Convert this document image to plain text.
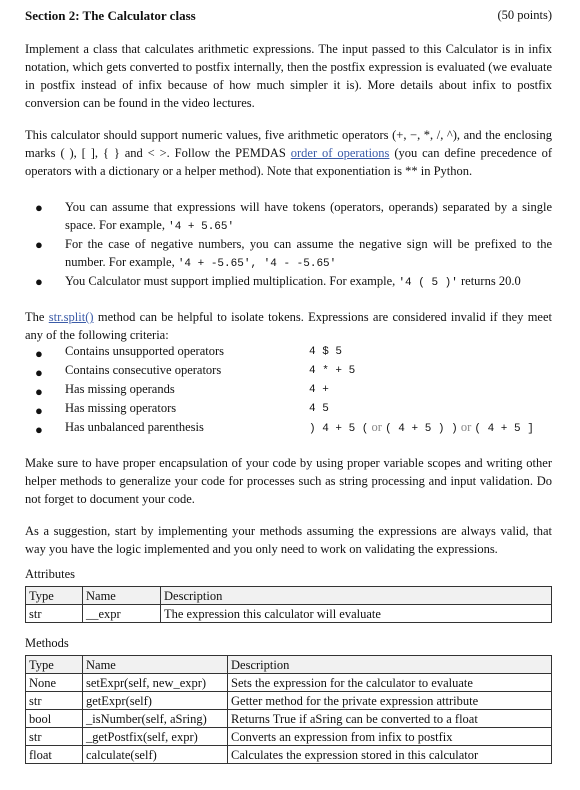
Section 2: The Calculator class	(50 points)
Implement a class that calculates arithmetic expressions. The input passed to this Calculator is in infix notation, which gets converted to postfix internally, then the postfix expression is evaluated (we evaluate in postfix instead of infix because of how much simpler it is). More details about infix to postfix conversion can be found in the video lectures.
This calculator should support numeric values, five arithmetic operators (+, −, *, /, ^), and the enclosing marks ( ), [ ], { } and < >. Follow the PEMDAS order of operations (you can define precedence of operators with a dictionary or a helper method). Note that exponentiation is ** in Python.
● You can assume that expressions will have tokens (operators, operands) separated by a single space. For example, '4 + 5.65'
● For the case of negative numbers, you can assume the negative sign will be prefixed to the number. For example, '4 + -5.65', '4 - -5.65'
● You Calculator must support implied multiplication. For example, '4 ( 5 )' returns 20.0
The str.split() method can be helpful to isolate tokens. Expressions are considered invalid if they meet any of the following criteria:
● Contains unsupported operators	4 $ 5
● Contains consecutive operators	4 * + 5
● Has missing operands	4 +
● Has missing operators	4 5
● Has unbalanced parenthesis	) 4 + 5 ( or ( 4 + 5 ) ) or ( 4 + 5 ]
Make sure to have proper encapsulation of your code by using proper variable scopes and writing other helper methods to generalize your code for processes such as string processing and input validation. Do not forget to document your code.
As a suggestion, start by implementing your methods assuming the expressions are always valid, that way you have the logic implemented and you only need to work on validating the expressions.
Attributes
Type	Name	Description
str	__expr	The expression this calculator will evaluate
Methods
Type	Name	Description
None	setExpr(self, new_expr)	Sets the expression for the calculator to evaluate
str	getExpr(self)	Getter method for the private expression attribute
bool	_isNumber(self, aSring)	Returns True if aSring can be converted to a float
str	_getPostfix(self, expr)	Converts an expression from infix to postfix
float	calculate(self)	Calculates the expression stored in this calculator
